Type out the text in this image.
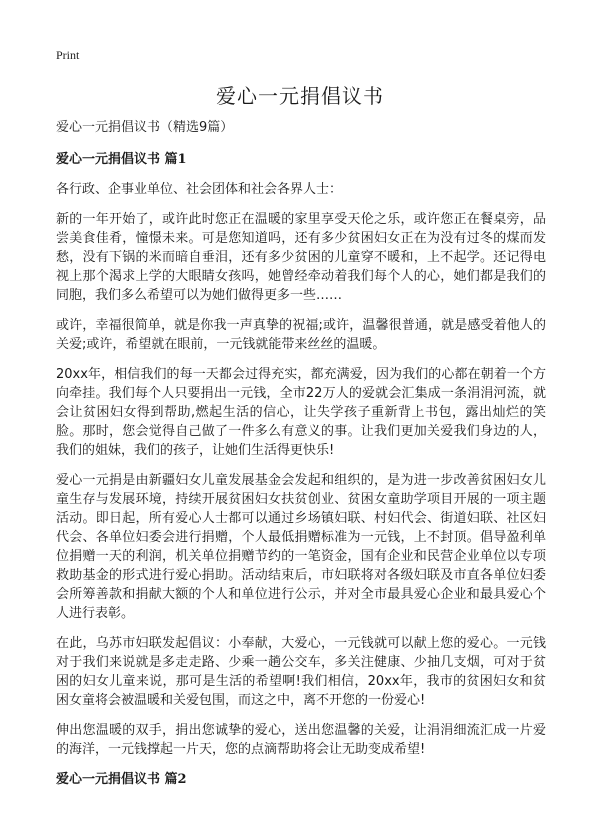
Print
爱心一元捐倡议书

爱心一元捐倡议书（精选9篇）

爱心一元捐倡议书 篇1

各行政、企事业单位、社会团体和社会各界人士：

新的一年开始了，或许此时您正在温暖的家里享受天伦之乐，或许您正在餐桌旁，品尝美食佳肴，憧憬未来。可是您知道吗，还有多少贫困妇女正在为没有过冬的煤而发愁，没有下锅的米而暗自垂泪，还有多少贫困的儿童穿不暖和，上不起学。还记得电视上那个渴求上学的大眼睛女孩吗，她曾经牵动着我们每个人的心，她们都是我们的同胞，我们多么希望可以为她们做得更多一些……

或许，幸福很简单，就是你我一声真挚的祝福;或许，温馨很普通，就是感受着他人的关爱;或许，希望就在眼前，一元钱就能带来丝丝的温暖。

20xx年，相信我们的每一天都会过得充实，都充满爱，因为我们的心都在朝着一个方向牵挂。我们每个人只要捐出一元钱，全市22万人的爱就会汇集成一条涓涓河流，就会让贫困妇女得到帮助,燃起生活的信心，让失学孩子重新背上书包，露出灿烂的笑脸。那时，您会觉得自己做了一件多么有意义的事。让我们更加关爱我们身边的人，我们的姐妹，我们的孩子，让她们生活得更快乐!

爱心一元捐是由新疆妇女儿童发展基金会发起和组织的，是为进一步改善贫困妇女儿童生存与发展环境，持续开展贫困妇女扶贫创业、贫困女童助学项目开展的一项主题活动。即日起，所有爱心人士都可以通过乡场镇妇联、村妇代会、街道妇联、社区妇代会、各单位妇委会进行捐赠，个人最低捐赠标准为一元钱，上不封顶。倡导盈利单位捐赠一天的利润，机关单位捐赠节约的一笔资金，国有企业和民营企业单位以专项救助基金的形式进行爱心捐助。活动结束后，市妇联将对各级妇联及市直各单位妇委会所筹善款和捐献大额的个人和单位进行公示，并对全市最具爱心企业和最具爱心个人进行表彰。

在此，乌苏市妇联发起倡议：小奉献，大爱心，一元钱就可以献上您的爱心。一元钱对于我们来说就是多走走路、少乘一趟公交车，多关注健康、少抽几支烟，可对于贫困的妇女儿童来说，那可是生活的希望啊!我们相信，20xx年，我市的贫困妇女和贫困女童将会被温暖和关爱包围，而这之中，离不开您的一份爱心!

伸出您温暖的双手，捐出您诚挚的爱心，送出您温馨的关爱，让涓涓细流汇成一片爱的海洋，一元钱撑起一片天，您的点滴帮助将会让无助变成希望!

爱心一元捐倡议书 篇2
